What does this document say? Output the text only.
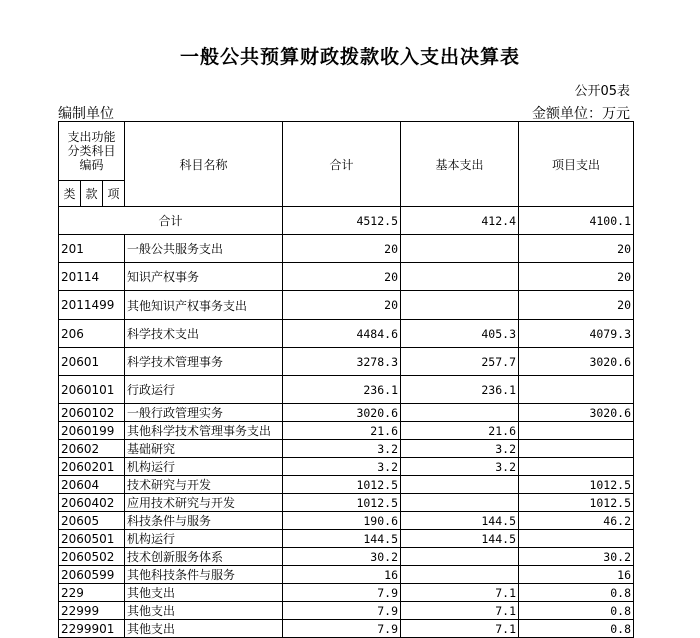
一般公共预算财政拨款收入支出决算表
公开05表
编制单位	金额单位：万元
支出功能
分类科目
编码			科目名称	合计	基本支出	项目支出
类	款	项				
合计				4512.5	412.4	4100.1
201			一般公共服务支出	20		20
20114			知识产权事务	20		20
2011499			其他知识产权事务支出	20		20
206			科学技术支出	4484.6	405.3	4079.3
20601			科学技术管理事务	3278.3	257.7	3020.6
2060101			行政运行	236.1	236.1	
2060102			一般行政管理实务	3020.6		3020.6
2060199			其他科学技术管理事务支出	21.6	21.6	
20602			基础研究	3.2	3.2	
2060201			机构运行	3.2	3.2	
20604			技术研究与开发	1012.5		1012.5
2060402			应用技术研究与开发	1012.5		1012.5
20605			科技条件与服务	190.6	144.5	46.2
2060501			机构运行	144.5	144.5	
2060502			技术创新服务体系	30.2		30.2
2060599			其他科技条件与服务	16		16
229			其他支出	7.9	7.1	0.8
22999			其他支出	7.9	7.1	0.8
2299901			其他支出	7.9	7.1	0.8
